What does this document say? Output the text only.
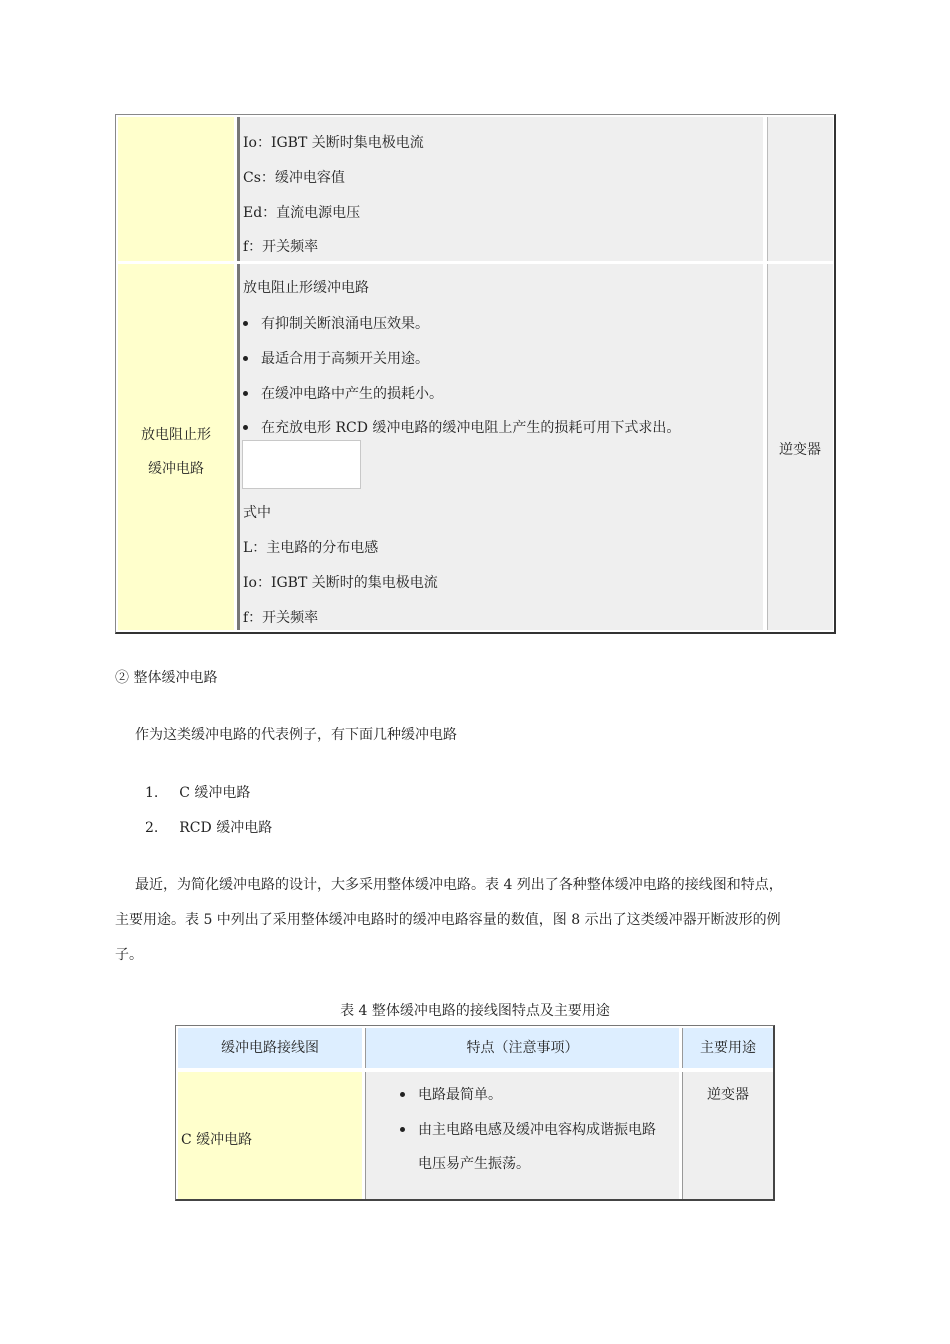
Io：IGBT 关断时集电极电流
Cs：缓冲电容值
Ed：直流电源电压
f：开关频率
放电阻止形
缓冲电路
放电阻止形缓冲电路
有抑制关断浪涌电压效果。
最适合用于高频开关用途。
在缓冲电路中产生的损耗小。
在充放电形 RCD 缓冲电路的缓冲电阻上产生的损耗可用下式求出。
式中
L：主电路的分布电感
Io：IGBT 关断时的集电极电流
f：开关频率
逆变器
② 整体缓冲电路
作为这类缓冲电路的代表例子，有下面几种缓冲电路
1. C 缓冲电路
2. RCD 缓冲电路
最近，为简化缓冲电路的设计，大多采用整体缓冲电路。表 4 列出了各种整体缓冲电路的接线图和特点，
主要用途。表 5 中列出了采用整体缓冲电路时的缓冲电路容量的数值，图 8 示出了这类缓冲器开断波形的例
子。
表 4 整体缓冲电路的接线图特点及主要用途
缓冲电路接线图	特点（注意事项）	主要用途
C 缓冲电路
电路最简单。
由主电路电感及缓冲电容构成谐振电路
电压易产生振荡。
逆变器
